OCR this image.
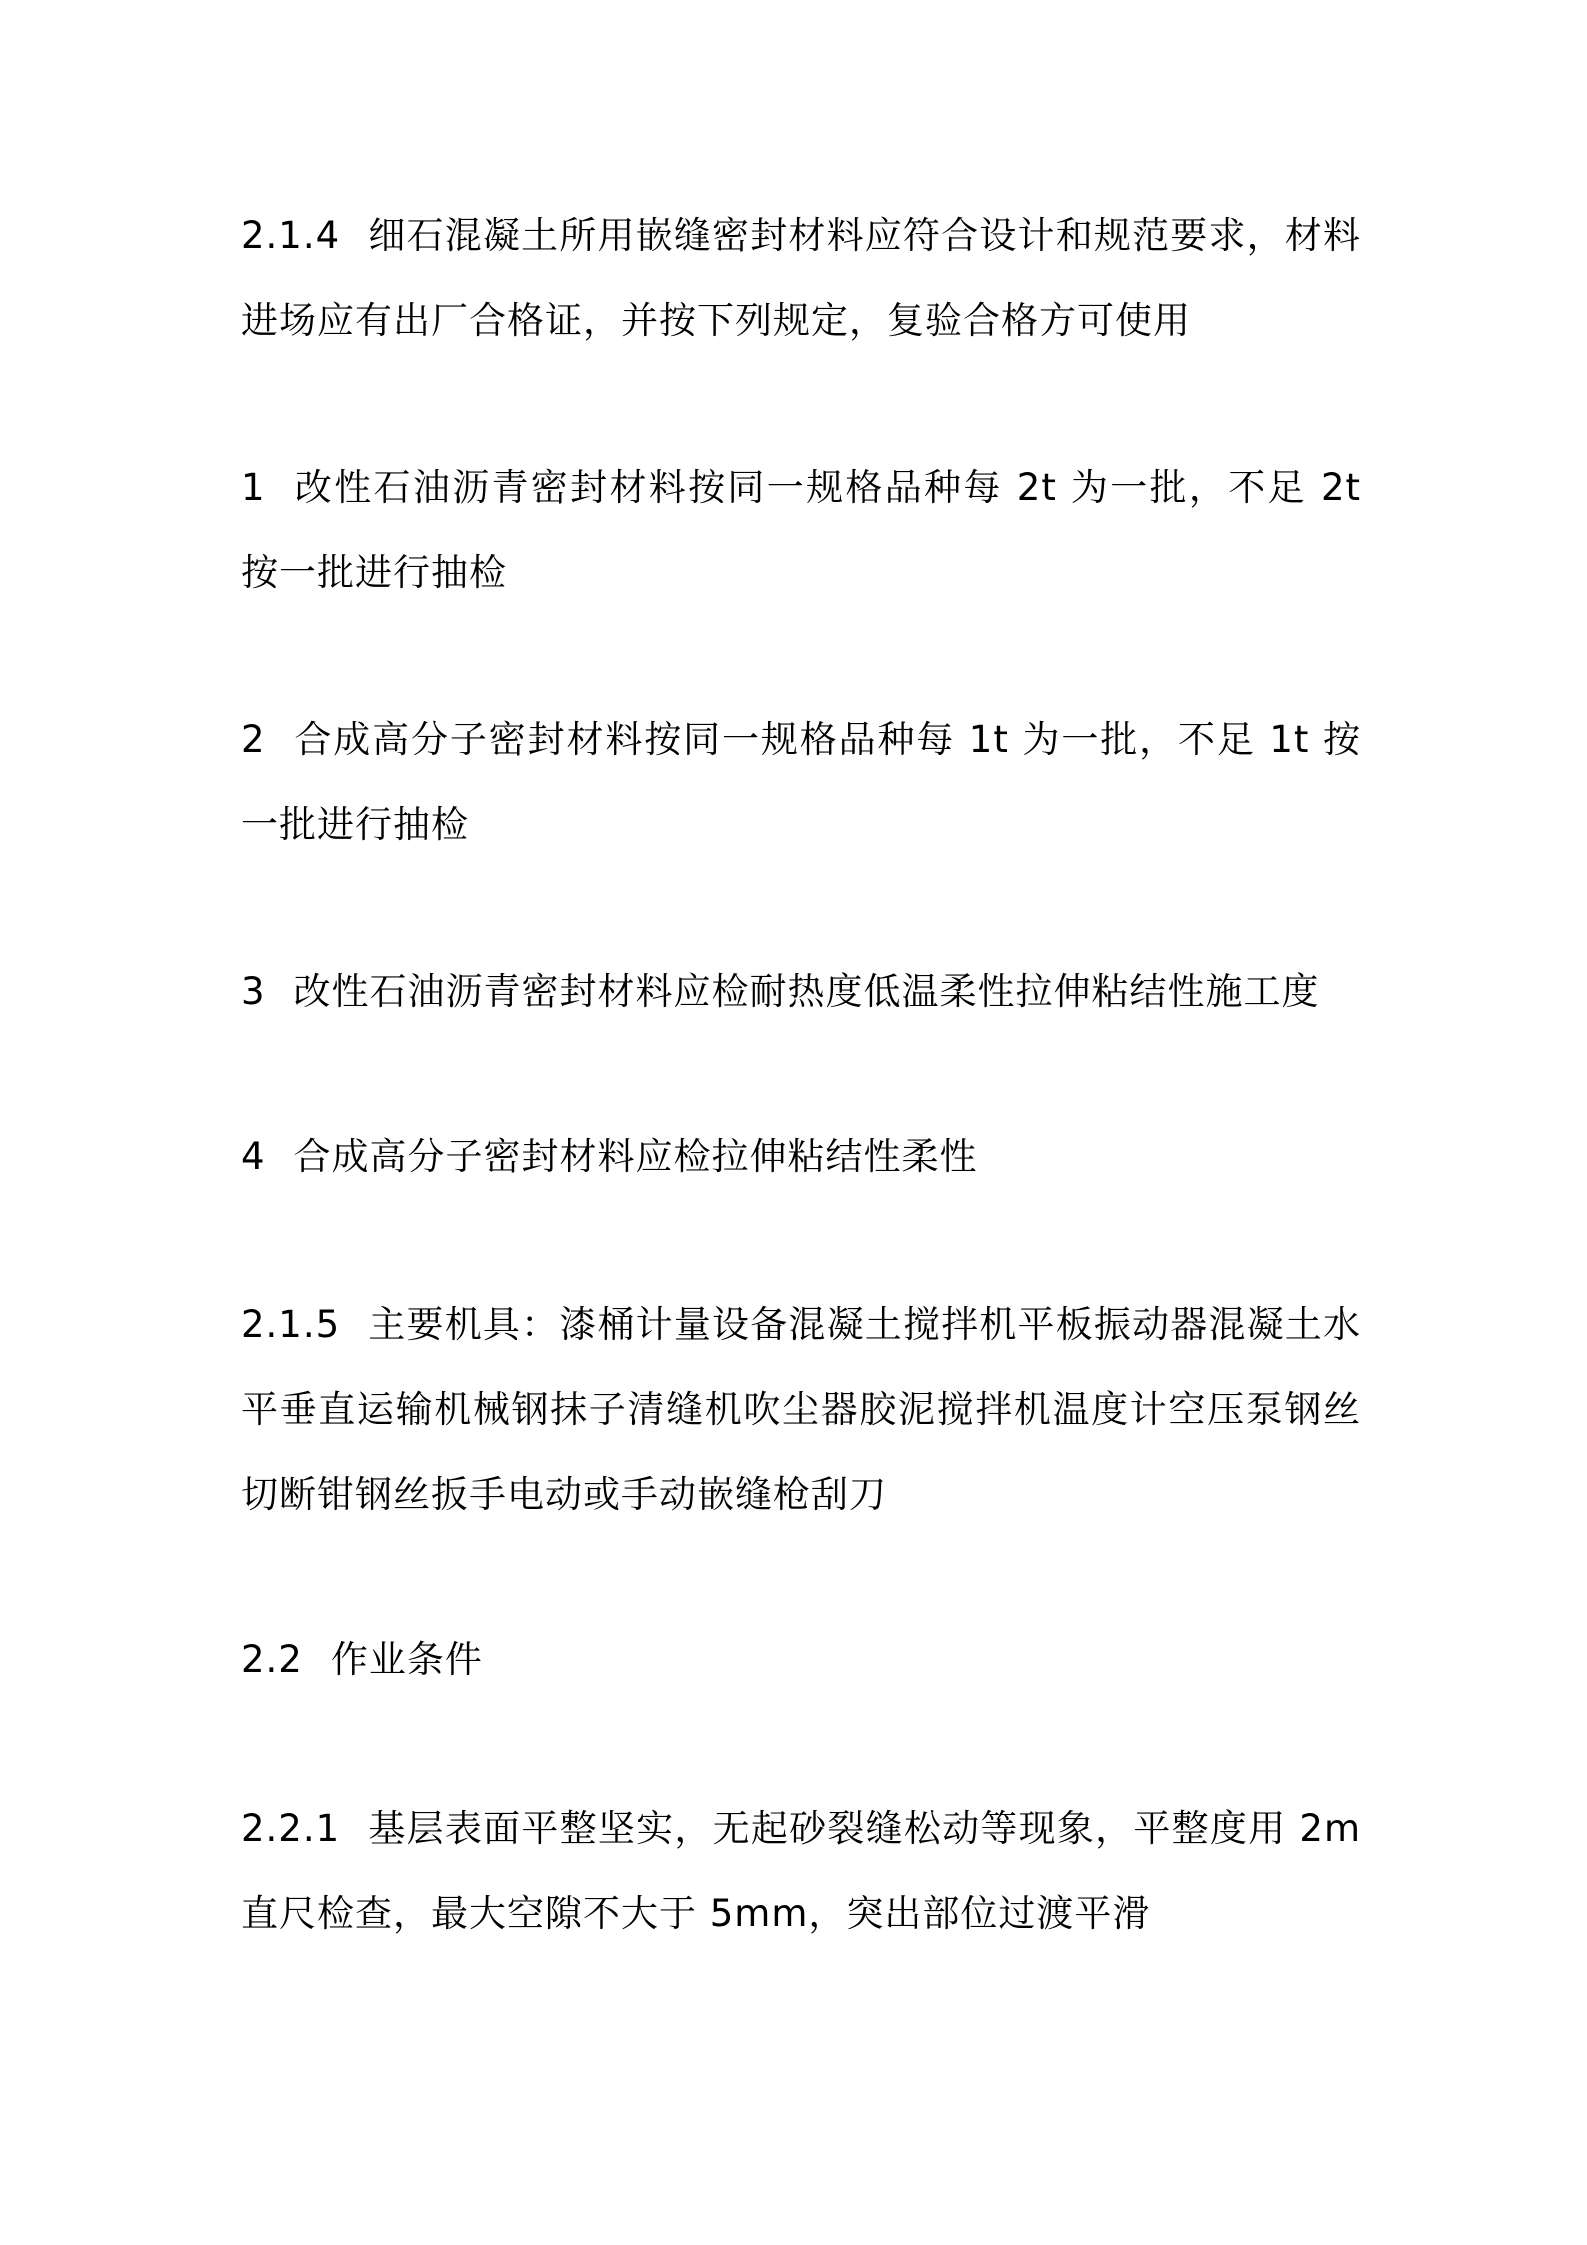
2.1.4 细石混凝土所用嵌缝密封材料应符合设计和规范要求，材料进场应有出厂合格证，并按下列规定，复验合格方可使用

1 改性石油沥青密封材料按同一规格品种每 2t 为一批，不足 2t 按一批进行抽检

2 合成高分子密封材料按同一规格品种每 1t 为一批，不足 1t 按一批进行抽检

3 改性石油沥青密封材料应检耐热度低温柔性拉伸粘结性施工度

4 合成高分子密封材料应检拉伸粘结性柔性

2.1.5 主要机具：漆桶计量设备混凝土搅拌机平板振动器混凝土水平垂直运输机械钢抹子清缝机吹尘器胶泥搅拌机温度计空压泵钢丝切断钳钢丝扳手电动或手动嵌缝枪刮刀

2.2 作业条件

2.2.1 基层表面平整坚实，无起砂裂缝松动等现象，平整度用 2m 直尺检查，最大空隙不大于 5mm，突出部位过渡平滑
